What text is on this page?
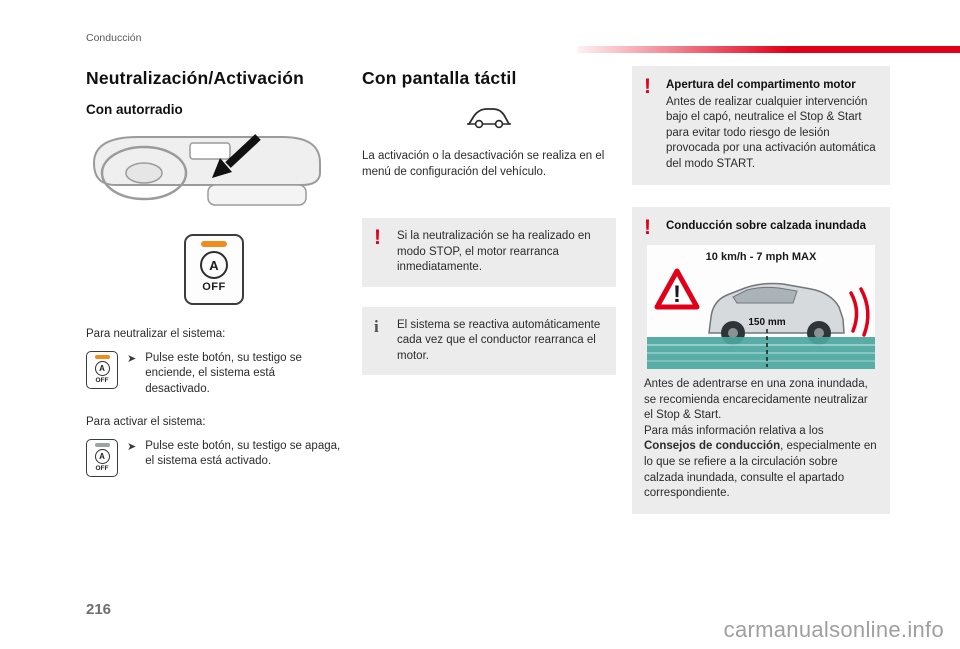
Conducción
Neutralización/Activación
Con autorradio
A
OFF

Para neutralizar el sistema:

A
OFF
➤ Pulse este botón, su testigo se enciende, el sistema está desactivado.

Para activar el sistema:

A
OFF
➤ Pulse este botón, su testigo se apaga, el sistema está activado.

Con pantalla táctil

La activación o la desactivación se realiza en el menú de configuración del vehículo.

!	Si la neutralización se ha realizado en modo STOP, el motor rearranca inmediatamente.

i	El sistema se reactiva automáticamente cada vez que el conductor rearranca el motor.

!	Apertura del compartimento motor

Antes de realizar cualquier intervención bajo el capó, neutralice el Stop & Start para evitar todo riesgo de lesión provocada por una activación automática del modo START.

!	Conducción sobre calzada inundada
10 km/h - 7 mph MAX
!
150 mm

Antes de adentrarse en una zona inundada, se recomienda encarecidamente neutralizar el Stop & Start.

Para más información relativa a los Consejos de conducción, especialmente en lo que se refiere a la circulación sobre calzada inundada, consulte el apartado correspondiente.

216
carmanualsonline.info
